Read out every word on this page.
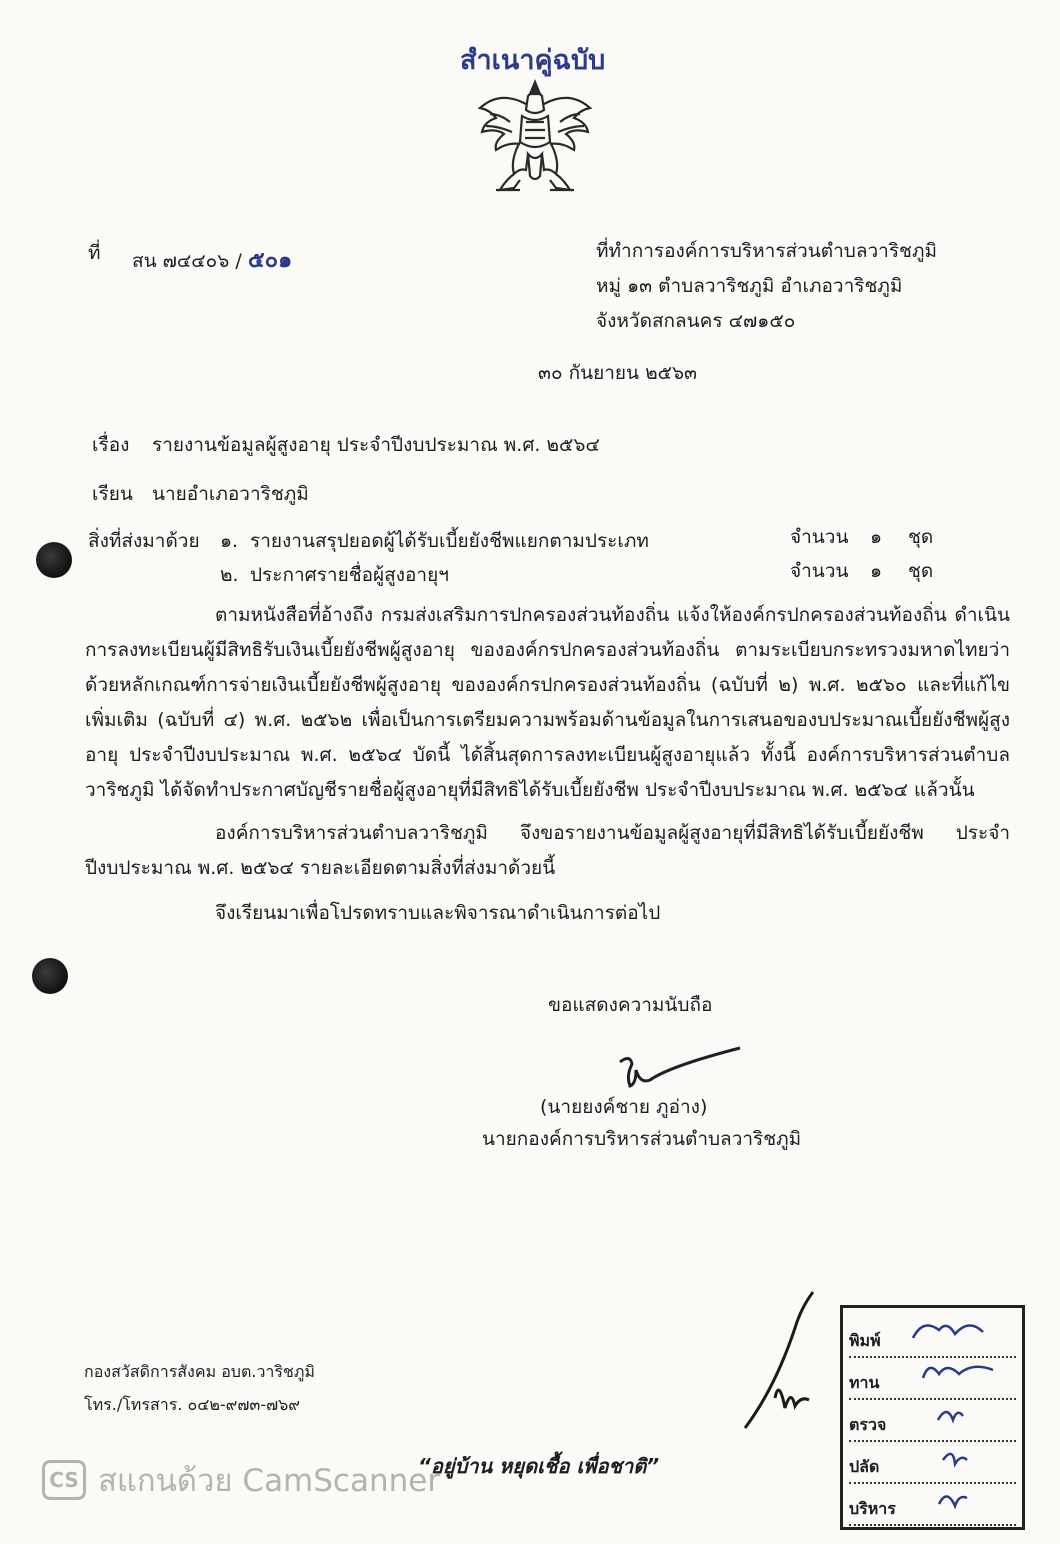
สำเนาคู่ฉบับ
ที่ สน ๗๔๔๐๖ / ๕๐๑	ที่ทำการองค์การบริหารส่วนตำบลวาริชภูมิ
หมู่ ๑๓ ตำบลวาริชภูมิ อำเภอวาริชภูมิ
จังหวัดสกลนคร ๔๗๑๕๐
๓๐ กันยายน ๒๕๖๓
เรื่อง รายงานข้อมูลผู้สูงอายุ ประจำปีงบประมาณ พ.ศ. ๒๕๖๔
เรียน นายอำเภอวาริชภูมิ
สิ่งที่ส่งมาด้วย ๑. รายงานสรุปยอดผู้ได้รับเบี้ยยังชีพแยกตามประเภท	จำนวน ๑ ชุด
๒. ประกาศรายชื่อผู้สูงอายุฯ	จำนวน ๑ ชุด
ตามหนังสือที่อ้างถึง กรมส่งเสริมการปกครองส่วนท้องถิ่น แจ้งให้องค์กรปกครองส่วนท้องถิ่น ดำเนินการลงทะเบียนผู้มีสิทธิรับเงินเบี้ยยังชีพผู้สูงอายุ ขององค์กรปกครองส่วนท้องถิ่น ตามระเบียบกระทรวงมหาดไทยว่าด้วยหลักเกณฑ์การจ่ายเงินเบี้ยยังชีพผู้สูงอายุ ขององค์กรปกครองส่วนท้องถิ่น (ฉบับที่ ๒) พ.ศ. ๒๕๖๐ และที่แก้ไขเพิ่มเติม (ฉบับที่ ๔) พ.ศ. ๒๕๖๒ เพื่อเป็นการเตรียมความพร้อมด้านข้อมูลในการเสนอของบประมาณเบี้ยยังชีพผู้สูงอายุ ประจำปีงบประมาณ พ.ศ. ๒๕๖๔ บัดนี้ ได้สิ้นสุดการลงทะเบียนผู้สูงอายุแล้ว ทั้งนี้ องค์การบริหารส่วนตำบลวาริชภูมิ ได้จัดทำประกาศบัญชีรายชื่อผู้สูงอายุที่มีสิทธิได้รับเบี้ยยังชีพ ประจำปีงบประมาณ พ.ศ. ๒๕๖๔ แล้วนั้น
องค์การบริหารส่วนตำบลวาริชภูมิ จึงขอรายงานข้อมูลผู้สูงอายุที่มีสิทธิได้รับเบี้ยยังชีพ ประจำปีงบประมาณ พ.ศ. ๒๕๖๔ รายละเอียดตามสิ่งที่ส่งมาด้วยนี้
จึงเรียนมาเพื่อโปรดทราบและพิจารณาดำเนินการต่อไป
ขอแสดงความนับถือ
(นายยงค์ชาย ภูอ่าง)
นายกองค์การบริหารส่วนตำบลวาริชภูมิ
กองสวัสดิการสังคม อบต.วาริชภูมิ
โทร./โทรสาร. ๐๔๒-๙๗๓-๗๖๙
“อยู่บ้าน หยุดเชื้อ เพื่อชาติ”
พิมพ์
ทาน
ตรวจ
ปลัด
บริหาร
CS สแกนด้วย CamScanner
